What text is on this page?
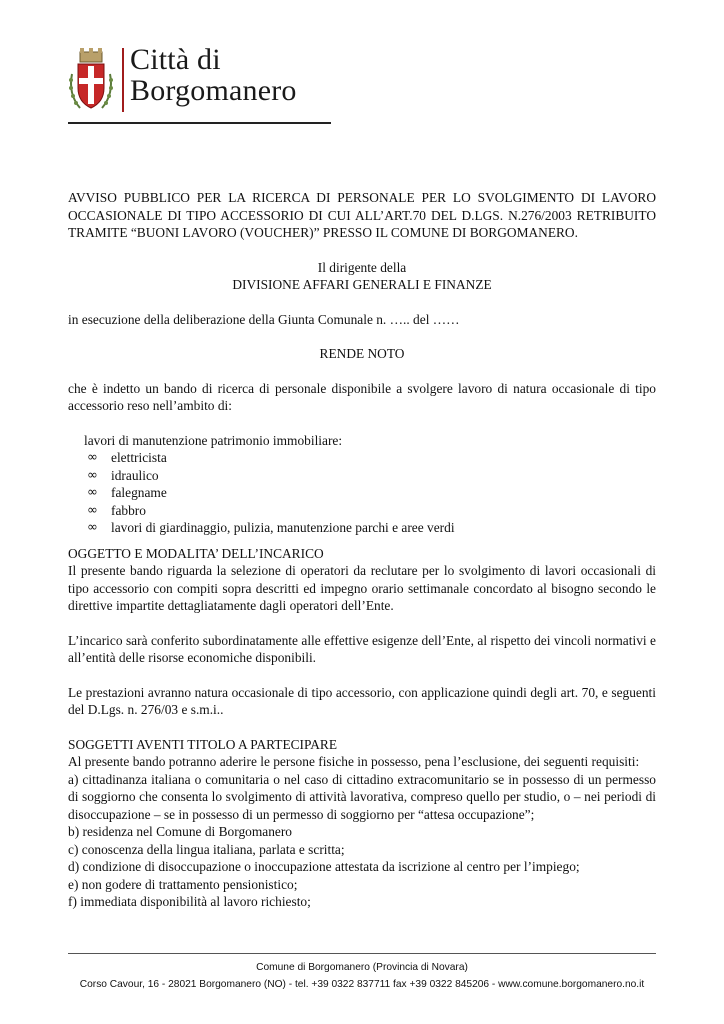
Città di
Borgomanero

AVVISO PUBBLICO PER LA RICERCA DI PERSONALE PER LO SVOLGIMENTO DI LAVORO OCCASIONALE DI TIPO ACCESSORIO DI CUI ALL’ART.70 DEL D.LGS. N.276/2003 RETRIBUITO TRAMITE “BUONI LAVORO (VOUCHER)” PRESSO IL COMUNE DI BORGOMANERO.

Il dirigente della

DIVISIONE AFFARI GENERALI E FINANZE

in esecuzione della deliberazione della Giunta Comunale n. ….. del ……

RENDE NOTO

che è indetto un bando di ricerca di personale disponibile a svolgere lavoro di natura occasionale di tipo accessorio reso nell’ambito di:

lavori di manutenzione patrimonio immobiliare:

∞ elettricista
∞ idraulico
∞ falegname
∞ fabbro
∞ lavori di giardinaggio, pulizia, manutenzione parchi e aree verdi

OGGETTO E MODALITA’ DELL’INCARICO

Il presente bando riguarda la selezione di operatori da reclutare per lo svolgimento di lavori occasionali di tipo accessorio con compiti sopra descritti ed impegno orario settimanale concordato al bisogno secondo le direttive impartite dettagliatamente dagli operatori dell’Ente.

L’incarico sarà conferito subordinatamente alle effettive esigenze dell’Ente, al rispetto dei vincoli normativi e all’entità delle risorse economiche disponibili.

Le prestazioni avranno natura occasionale di tipo accessorio, con applicazione quindi degli art. 70, e seguenti del D.Lgs. n. 276/03 e s.m.i..

SOGGETTI AVENTI TITOLO A PARTECIPARE

Al presente bando potranno aderire le persone fisiche in possesso, pena l’esclusione, dei seguenti requisiti:

a) cittadinanza italiana o comunitaria o nel caso di cittadino extracomunitario se in possesso di un permesso di soggiorno che consenta lo svolgimento di attività lavorativa, compreso quello per studio, o – nei periodi di disoccupazione – se in possesso di un permesso di soggiorno per “attesa occupazione”;

b) residenza nel Comune di Borgomanero

c) conoscenza della lingua italiana, parlata e scritta;

d) condizione di disoccupazione o inoccupazione attestata da iscrizione al centro per l’impiego;

e) non godere di trattamento pensionistico;

f) immediata disponibilità al lavoro richiesto;

Comune di Borgomanero (Provincia di Novara)
Corso Cavour, 16 - 28021 Borgomanero (NO) - tel. +39 0322 837711 fax +39 0322 845206 - www.comune.borgomanero.no.it
